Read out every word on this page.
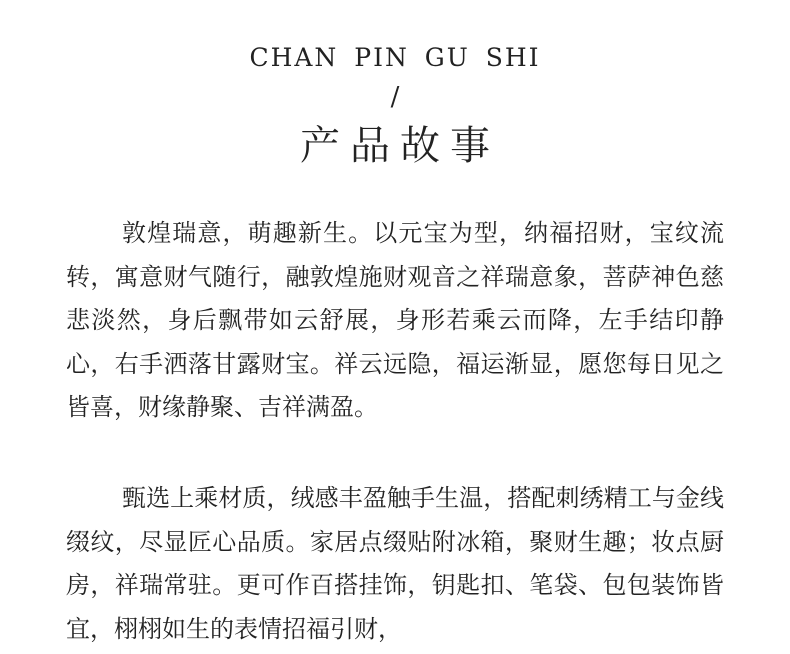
CHAN PIN GU SHI
/
产品故事

敦煌瑞意，萌趣新生。以元宝为型，纳福招财，宝纹流转，寓意财气随行，融敦煌施财观音之祥瑞意象，菩萨神色慈悲淡然，身后飘带如云舒展，身形若乘云而降，左手结印静心，右手洒落甘露财宝。祥云远隐，福运渐显，愿您每日见之皆喜，财缘静聚、吉祥满盈。

甄选上乘材质，绒感丰盈触手生温，搭配刺绣精工与金线缀纹，尽显匠心品质。家居点缀贴附冰箱，聚财生趣；妆点厨房，祥瑞常驻。更可作百搭挂饰，钥匙扣、笔袋、包包装饰皆宜，栩栩如生的表情招福引财，
